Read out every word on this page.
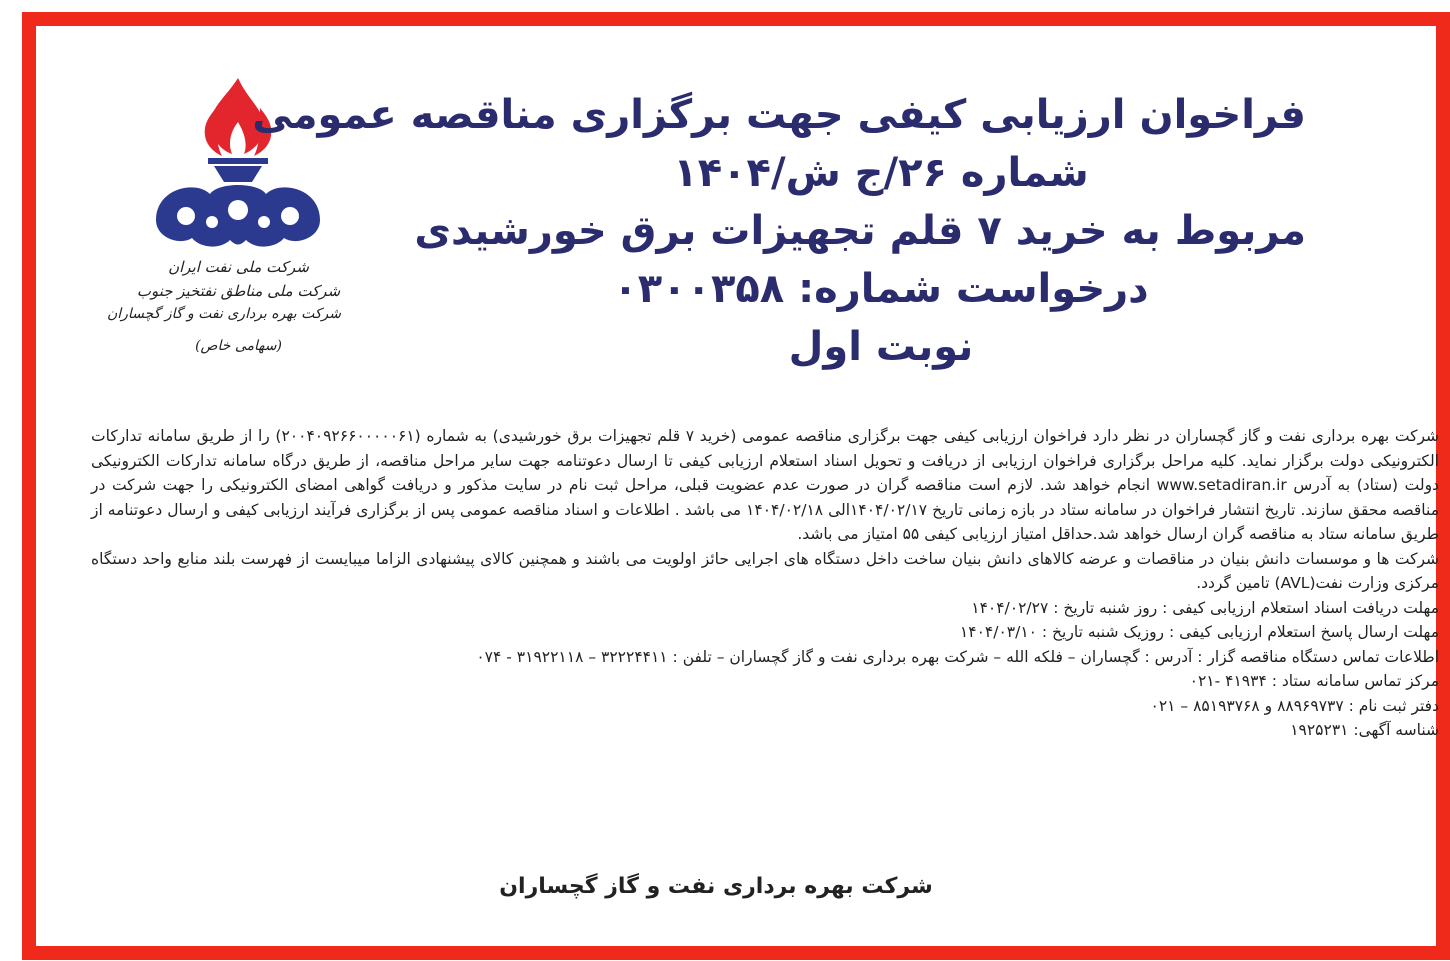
شرکت ملی نفت ایران
شرکت ملی مناطق نفتخیز جنوب
شرکت بهره برداری نفت و گاز گچساران
(سهامی خاص)
فراخوان ارزیابی کیفی جهت برگزاری مناقصه عمومی
شماره ۲۶/ج ش/۱۴۰۴
مربوط به خرید ۷ قلم تجهیزات برق خورشیدی
درخواست شماره: ۰۳۰۰۳۵۸
نوبت اول

شرکت بهره برداری نفت و گاز گچساران در نظر دارد فراخوان ارزیابی کیفی جهت برگزاری مناقصه عمومی (خرید ۷ قلم تجهیزات برق خورشیدی) به شماره (۲۰۰۴۰۹۲۶۶۰۰۰۰۰۶۱) را از طریق سامانه تدارکات الکترونیکی دولت برگزار نماید. کلیه مراحل برگزاری فراخوان ارزیابی از دریافت و تحویل اسناد استعلام ارزیابی کیفی تا ارسال دعوتنامه جهت سایر مراحل مناقصه، از طریق درگاه سامانه تدارکات الکترونیکی دولت (ستاد) به آدرس www.setadiran.ir انجام خواهد شد. لازم است مناقصه گران در صورت عدم عضویت قبلی، مراحل ثبت نام در سایت مذکور و دریافت گواهی امضای الکترونیکی را جهت شرکت در مناقصه محقق سازند. تاریخ انتشار فراخوان در سامانه ستاد در بازه زمانی تاریخ ۱۴۰۴/۰۲/۱۷الی ۱۴۰۴/۰۲/۱۸ می باشد . اطلاعات و اسناد مناقصه عمومی پس از برگزاری فرآیند ارزیابی کیفی و ارسال دعوتنامه از طریق سامانه ستاد به مناقصه گران ارسال خواهد شد.حداقل امتیاز ارزیابی کیفی ۵۵ امتیاز می باشد.

شرکت ها و موسسات دانش بنیان در مناقصات و عرضه کالاهای دانش بنیان ساخت داخل دستگاه های اجرایی حائز اولویت می باشند و همچنین کالای پیشنهادی الزاما میبایست از فهرست بلند منابع واحد دستگاه مرکزی وزارت نفت(AVL) تامین گردد.

مهلت دریافت اسناد استعلام ارزیابی کیفی : روز شنبه تاریخ : ۱۴۰۴/۰۲/۲۷

مهلت ارسال پاسخ استعلام ارزیابی کیفی : روزیک شنبه تاریخ : ۱۴۰۴/۰۳/۱۰

اطلاعات تماس دستگاه مناقصه گزار : آدرس : گچساران – فلکه الله – شرکت بهره برداری نفت و گاز گچساران – تلفن : ۳۲۲۲۴۴۱۱ – ۳۱۹۲۲۱۱۸ - ۰۷۴

مرکز تماس سامانه ستاد : ۴۱۹۳۴ -۰۲۱

دفتر ثبت نام : ۸۸۹۶۹۷۳۷ و ۸۵۱۹۳۷۶۸ – ۰۲۱

شناسه آگهی: ۱۹۲۵۲۳۱

شرکت بهره برداری نفت و گاز گچساران
